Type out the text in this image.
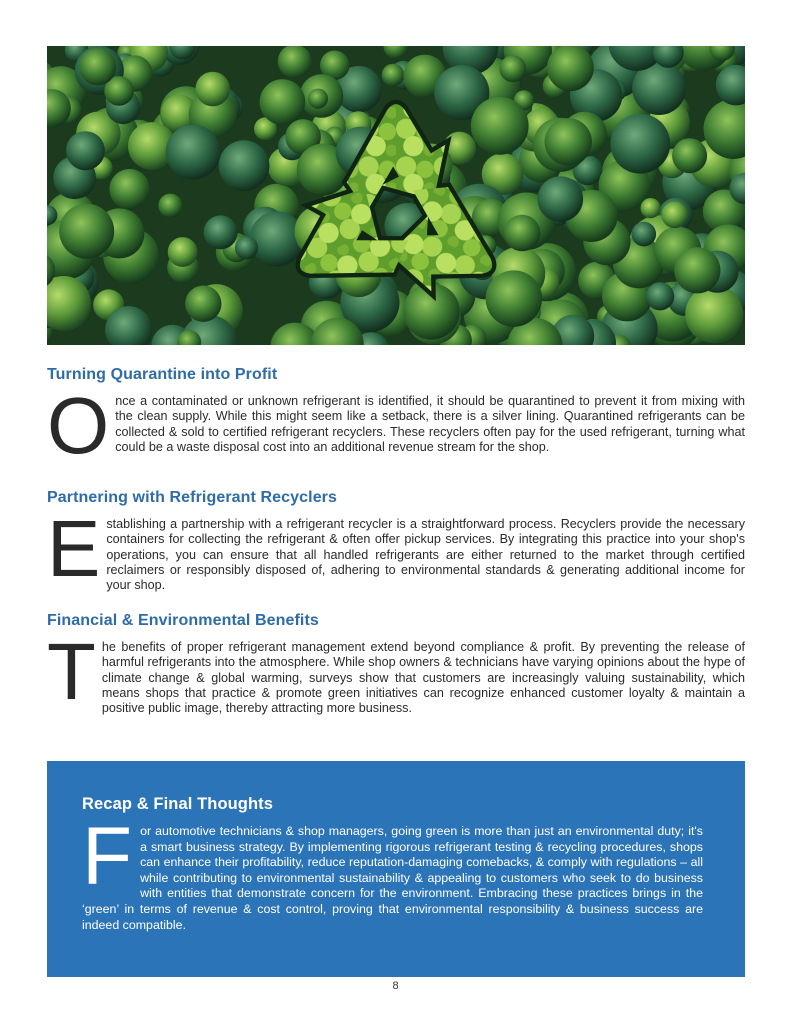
Turning Quarantine into Profit

Once a contaminated or unknown refrigerant is identified, it should be quarantined to prevent it from mixing with the clean supply. While this might seem like a setback, there is a silver lining. Quarantined refrigerants can be collected & sold to certified refrigerant recyclers. These recyclers often pay for the used refrigerant, turning what could be a waste disposal cost into an additional revenue stream for the shop.

Partnering with Refrigerant Recyclers

Establishing a partnership with a refrigerant recycler is a straightforward process. Recyclers provide the necessary containers for collecting the refrigerant & often offer pickup services. By integrating this practice into your shop's operations, you can ensure that all handled refrigerants are either returned to the market through certified reclaimers or responsibly disposed of, adhering to environmental standards & generating additional income for your shop.

Financial & Environmental Benefits

The benefits of proper refrigerant management extend beyond compliance & profit. By preventing the release of harmful refrigerants into the atmosphere. While shop owners & technicians have varying opinions about the hype of climate change & global warming, surveys show that customers are increasingly valuing sustainability, which means shops that practice & promote green initiatives can recognize enhanced customer loyalty & maintain a positive public image, thereby attracting more business.

Recap & Final Thoughts

For automotive technicians & shop managers, going green is more than just an environmental duty; it's a smart business strategy. By implementing rigorous refrigerant testing & recycling procedures, shops can enhance their profitability, reduce reputation-damaging comebacks, & comply with regulations – all while contributing to environmental sustainability & appealing to customers who seek to do business with entities that demonstrate concern for the environment. Embracing these practices brings in the ‘green’ in terms of revenue & cost control, proving that environmental responsibility & business success are indeed compatible.

8
